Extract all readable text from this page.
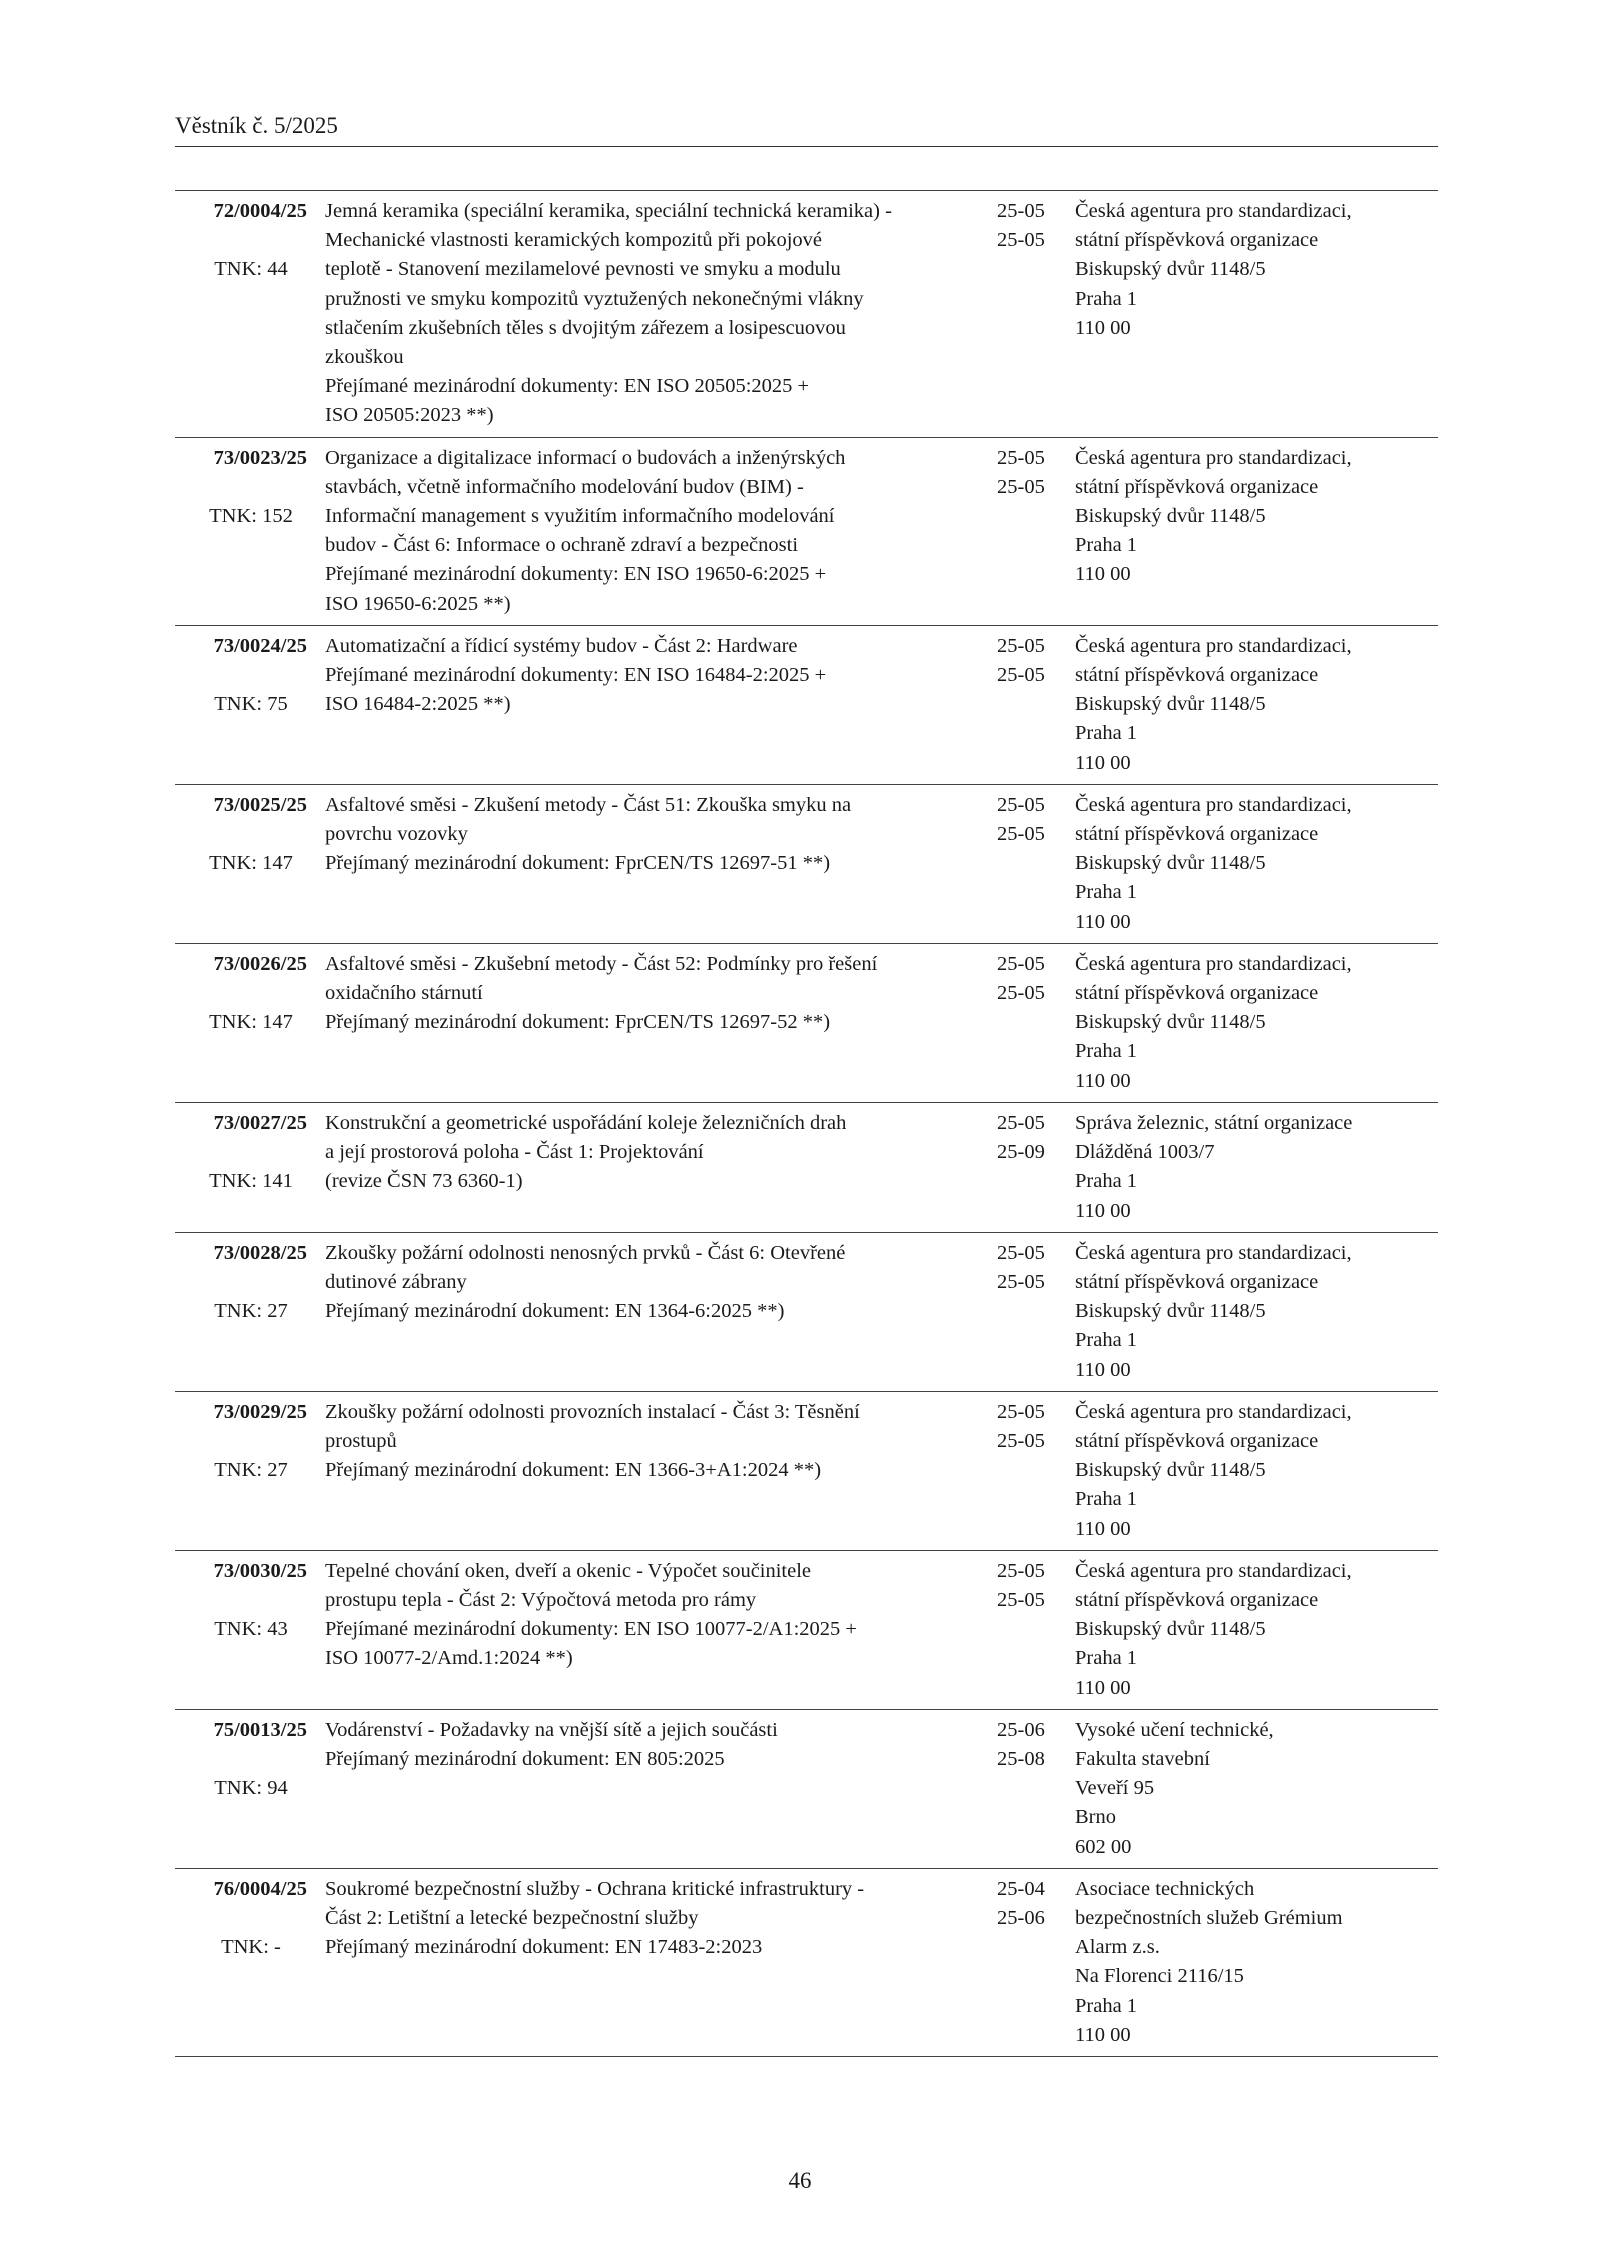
Věstník č. 5/2025
72/0004/25
TNK: 44
Jemná keramika (speciální keramika, speciální technická keramika) -
Mechanické vlastnosti keramických kompozitů při pokojové
teplotě - Stanovení mezilamelové pevnosti ve smyku a modulu
pružnosti ve smyku kompozitů vyztužených nekonečnými vlákny
stlačením zkušebních těles s dvojitým zářezem a losipescuovou
zkouškou
Přejímané mezinárodní dokumenty: EN ISO 20505:2025 +
ISO 20505:2023 **)
25-05
25-05
Česká agentura pro standardizaci,
státní příspěvková organizace
Biskupský dvůr 1148/5
Praha 1
110 00
73/0023/25
TNK: 152
Organizace a digitalizace informací o budovách a inženýrských
stavbách, včetně informačního modelování budov (BIM) -
Informační management s využitím informačního modelování
budov - Část 6: Informace o ochraně zdraví a bezpečnosti
Přejímané mezinárodní dokumenty: EN ISO 19650-6:2025 +
ISO 19650-6:2025 **)
25-05
25-05
Česká agentura pro standardizaci,
státní příspěvková organizace
Biskupský dvůr 1148/5
Praha 1
110 00
73/0024/25
TNK: 75
Automatizační a řídicí systémy budov - Část 2: Hardware
Přejímané mezinárodní dokumenty: EN ISO 16484-2:2025 +
ISO 16484-2:2025 **)
25-05
25-05
Česká agentura pro standardizaci,
státní příspěvková organizace
Biskupský dvůr 1148/5
Praha 1
110 00
73/0025/25
TNK: 147
Asfaltové směsi - Zkušení metody - Část 51: Zkouška smyku na
povrchu vozovky
Přejímaný mezinárodní dokument: FprCEN/TS 12697-51 **)
25-05
25-05
Česká agentura pro standardizaci,
státní příspěvková organizace
Biskupský dvůr 1148/5
Praha 1
110 00
73/0026/25
TNK: 147
Asfaltové směsi - Zkušební metody - Část 52: Podmínky pro řešení
oxidačního stárnutí
Přejímaný mezinárodní dokument: FprCEN/TS 12697-52 **)
25-05
25-05
Česká agentura pro standardizaci,
státní příspěvková organizace
Biskupský dvůr 1148/5
Praha 1
110 00
73/0027/25
TNK: 141
Konstrukční a geometrické uspořádání koleje železničních drah
a její prostorová poloha - Část 1: Projektování
(revize ČSN 73 6360-1)
25-05
25-09
Správa železnic, státní organizace
Dlážděná 1003/7
Praha 1
110 00
73/0028/25
TNK: 27
Zkoušky požární odolnosti nenosných prvků - Část 6: Otevřené
dutinové zábrany
Přejímaný mezinárodní dokument: EN 1364-6:2025 **)
25-05
25-05
Česká agentura pro standardizaci,
státní příspěvková organizace
Biskupský dvůr 1148/5
Praha 1
110 00
73/0029/25
TNK: 27
Zkoušky požární odolnosti provozních instalací - Část 3: Těsnění
prostupů
Přejímaný mezinárodní dokument: EN 1366-3+A1:2024 **)
25-05
25-05
Česká agentura pro standardizaci,
státní příspěvková organizace
Biskupský dvůr 1148/5
Praha 1
110 00
73/0030/25
TNK: 43
Tepelné chování oken, dveří a okenic - Výpočet součinitele
prostupu tepla - Část 2: Výpočtová metoda pro rámy
Přejímané mezinárodní dokumenty: EN ISO 10077-2/A1:2025 +
ISO 10077-2/Amd.1:2024 **)
25-05
25-05
Česká agentura pro standardizaci,
státní příspěvková organizace
Biskupský dvůr 1148/5
Praha 1
110 00
75/0013/25
TNK: 94
Vodárenství - Požadavky na vnější sítě a jejich součásti
Přejímaný mezinárodní dokument: EN 805:2025
25-06
25-08
Vysoké učení technické,
Fakulta stavební
Veveří 95
Brno
602 00
76/0004/25
TNK: -
Soukromé bezpečnostní služby - Ochrana kritické infrastruktury -
Část 2: Letištní a letecké bezpečnostní služby
Přejímaný mezinárodní dokument: EN 17483-2:2023
25-04
25-06
Asociace technických
bezpečnostních služeb Grémium
Alarm z.s.
Na Florenci 2116/15
Praha 1
110 00
46
